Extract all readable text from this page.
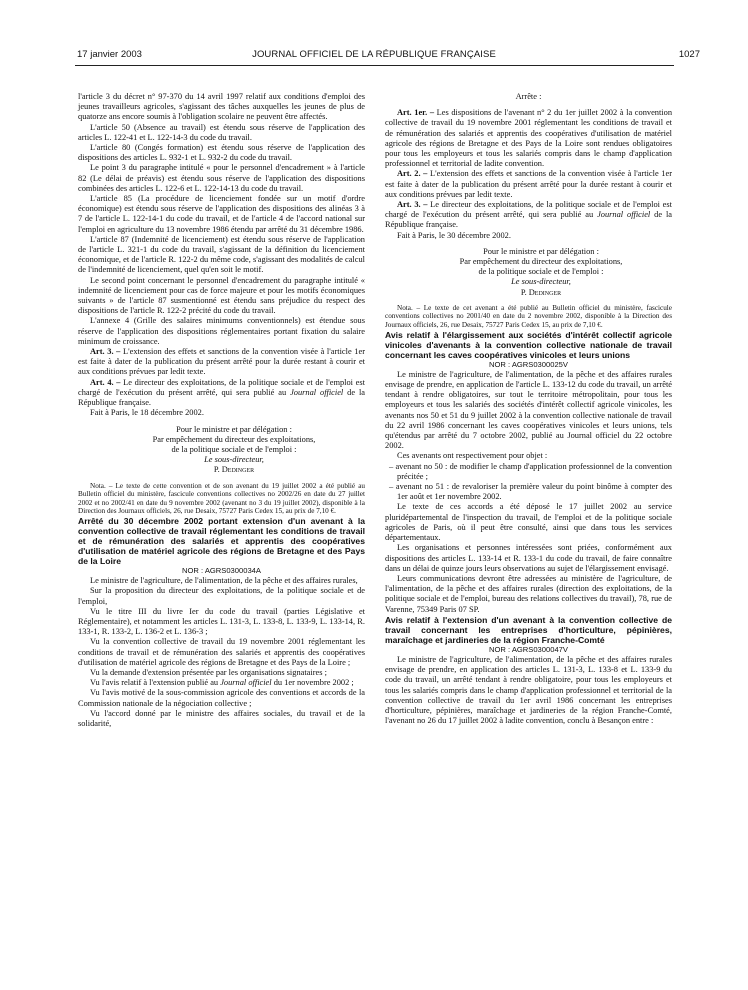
17 janvier 2003	JOURNAL OFFICIEL DE LA RÉPUBLIQUE FRANÇAISE	1027

l'article 3 du décret n° 97-370 du 14 avril 1997 relatif aux conditions d'emploi des jeunes travailleurs agricoles, s'agissant des tâches auxquelles les jeunes de plus de quatorze ans encore soumis à l'obligation scolaire ne peuvent être affectés.

L'article 50 (Absence au travail) est étendu sous réserve de l'application des articles L. 122-41 et L. 122-14-3 du code du travail.

L'article 80 (Congés formation) est étendu sous réserve de l'application des dispositions des articles L. 932-1 et L. 932-2 du code du travail.

Le point 3 du paragraphe intitulé « pour le personnel d'encadrement » à l'article 82 (Le délai de préavis) est étendu sous réserve de l'application des dispositions combinées des articles L. 122-6 et L. 122-14-13 du code du travail.

L'article 85 (La procédure de licenciement fondée sur un motif d'ordre économique) est étendu sous réserve de l'application des dispositions des alinéas 3 à 7 de l'article L. 122-14-1 du code du travail, et de l'article 4 de l'accord national sur l'emploi en agriculture du 13 novembre 1986 étendu par arrêté du 31 décembre 1986.

L'article 87 (Indemnité de licenciement) est étendu sous réserve de l'application de l'article L. 321-1 du code du travail, s'agissant de la définition du licenciement économique, et de l'article R. 122-2 du même code, s'agissant des modalités de calcul de l'indemnité de licenciement, quel qu'en soit le motif.

Le second point concernant le personnel d'encadrement du paragraphe intitulé « indemnité de licenciement pour cas de force majeure et pour les motifs économiques suivants » de l'article 87 susmentionné est étendu sans préjudice du respect des dispositions de l'article R. 122-2 précité du code du travail.

L'annexe 4 (Grille des salaires minimums conventionnels) est étendue sous réserve de l'application des dispositions réglementaires portant fixation du salaire minimum de croissance.

Art. 3. – L'extension des effets et sanctions de la convention visée à l'article 1er est faite à dater de la publication du présent arrêté pour la durée restant à courir et aux conditions prévues par ledit texte.

Art. 4. – Le directeur des exploitations, de la politique sociale et de l'emploi est chargé de l'exécution du présent arrêté, qui sera publié au Journal officiel de la République française.

Fait à Paris, le 18 décembre 2002.

Pour le ministre et par délégation :

Par empêchement du directeur des exploitations,

de la politique sociale et de l'emploi :

Le sous-directeur,

P. Dedinger

Nota. – Le texte de cette convention et de son avenant du 19 juillet 2002 a été publié au Bulletin officiel du ministère, fascicule conventions collectives no 2002/26 en date du 27 juillet 2002 et no 2002/41 en date du 9 novembre 2002 (avenant no 3 du 19 juillet 2002), disponible à la Direction des Journaux officiels, 26, rue Desaix, 75727 Paris Cedex 15, au prix de 7,10 €.

Arrêté du 30 décembre 2002 portant extension d'un avenant à la convention collective de travail réglementant les conditions de travail et de rémunération des salariés et apprentis des coopératives d'utilisation de matériel agricole des régions de Bretagne et des Pays de la Loire

NOR : AGRS0300034A

Le ministre de l'agriculture, de l'alimentation, de la pêche et des affaires rurales,

Sur la proposition du directeur des exploitations, de la politique sociale et de l'emploi,

Vu le titre III du livre Ier du code du travail (parties Législative et Réglementaire), et notamment les articles L. 131-3, L. 133-8, L. 133-9, L. 133-14, R. 133-1, R. 133-2, L. 136-2 et L. 136-3 ;

Vu la convention collective de travail du 19 novembre 2001 réglementant les conditions de travail et de rémunération des salariés et apprentis des coopératives d'utilisation de matériel agricole des régions de Bretagne et des Pays de la Loire ;

Vu la demande d'extension présentée par les organisations signataires ;

Vu l'avis relatif à l'extension publié au Journal officiel du 1er novembre 2002 ;

Vu l'avis motivé de la sous-commission agricole des conventions et accords de la Commission nationale de la négociation collective ;

Vu l'accord donné par le ministre des affaires sociales, du travail et de la solidarité,

Arrête :

Art. 1er. – Les dispositions de l'avenant n° 2 du 1er juillet 2002 à la convention collective de travail du 19 novembre 2001 réglementant les conditions de travail et de rémunération des salariés et apprentis des coopératives d'utilisation de matériel agricole des régions de Bretagne et des Pays de la Loire sont rendues obligatoires pour tous les employeurs et tous les salariés compris dans le champ d'application professionnel et territorial de ladite convention.

Art. 2. – L'extension des effets et sanctions de la convention visée à l'article 1er est faite à dater de la publication du présent arrêté pour la durée restant à courir et aux conditions prévues par ledit texte.

Art. 3. – Le directeur des exploitations, de la politique sociale et de l'emploi est chargé de l'exécution du présent arrêté, qui sera publié au Journal officiel de la République française.

Fait à Paris, le 30 décembre 2002.

Pour le ministre et par délégation :

Par empêchement du directeur des exploitations,

de la politique sociale et de l'emploi :

Le sous-directeur,

P. Dedinger

Nota. – Le texte de cet avenant a été publié au Bulletin officiel du ministère, fascicule conventions collectives no 2001/40 en date du 2 novembre 2002, disponible à la Direction des Journaux officiels, 26, rue Desaix, 75727 Paris Cedex 15, au prix de 7,10 €.

Avis relatif à l'élargissement aux sociétés d'intérêt collectif agricole vinicoles d'avenants à la convention collective nationale de travail concernant les caves coopératives vinicoles et leurs unions

NOR : AGRS0300025V

Le ministre de l'agriculture, de l'alimentation, de la pêche et des affaires rurales envisage de prendre, en application de l'article L. 133-12 du code du travail, un arrêté tendant à rendre obligatoires, sur tout le territoire métropolitain, pour tous les employeurs et tous les salariés des sociétés d'intérêt collectif agricole vinicoles, les avenants nos 50 et 51 du 9 juillet 2002 à la convention collective nationale de travail du 22 avril 1986 concernant les caves coopératives vinicoles et leurs unions, tels qu'étendus par arrêté du 7 octobre 2002, publié au Journal officiel du 22 octobre 2002.

Ces avenants ont respectivement pour objet :

– avenant no 50 : de modifier le champ d'application professionnel de la convention précitée ;

– avenant no 51 : de revaloriser la première valeur du point binôme à compter des 1er août et 1er novembre 2002.

Le texte de ces accords a été déposé le 17 juillet 2002 au service pluridépartemental de l'inspection du travail, de l'emploi et de la politique sociale agricoles de Paris, où il peut être consulté, ainsi que dans tous les services départementaux.

Les organisations et personnes intéressées sont priées, conformément aux dispositions des articles L. 133-14 et R. 133-1 du code du travail, de faire connaître dans un délai de quinze jours leurs observations au sujet de l'élargissement envisagé.

Leurs communications devront être adressées au ministère de l'agriculture, de l'alimentation, de la pêche et des affaires rurales (direction des exploitations, de la politique sociale et de l'emploi, bureau des relations collectives du travail), 78, rue de Varenne, 75349 Paris 07 SP.

Avis relatif à l'extension d'un avenant à la convention collective de travail concernant les entreprises d'horticulture, pépinières, maraîchage et jardineries de la région Franche-Comté

NOR : AGRS0300047V

Le ministre de l'agriculture, de l'alimentation, de la pêche et des affaires rurales envisage de prendre, en application des articles L. 131-3, L. 133-8 et L. 133-9 du code du travail, un arrêté tendant à rendre obligatoire, pour tous les employeurs et tous les salariés compris dans le champ d'application professionnel et territorial de la convention collective de travail du 1er avril 1986 concernant les entreprises d'horticulture, pépinières, maraîchage et jardineries de la région Franche-Comté, l'avenant no 26 du 17 juillet 2002 à ladite convention, conclu à Besançon entre :
